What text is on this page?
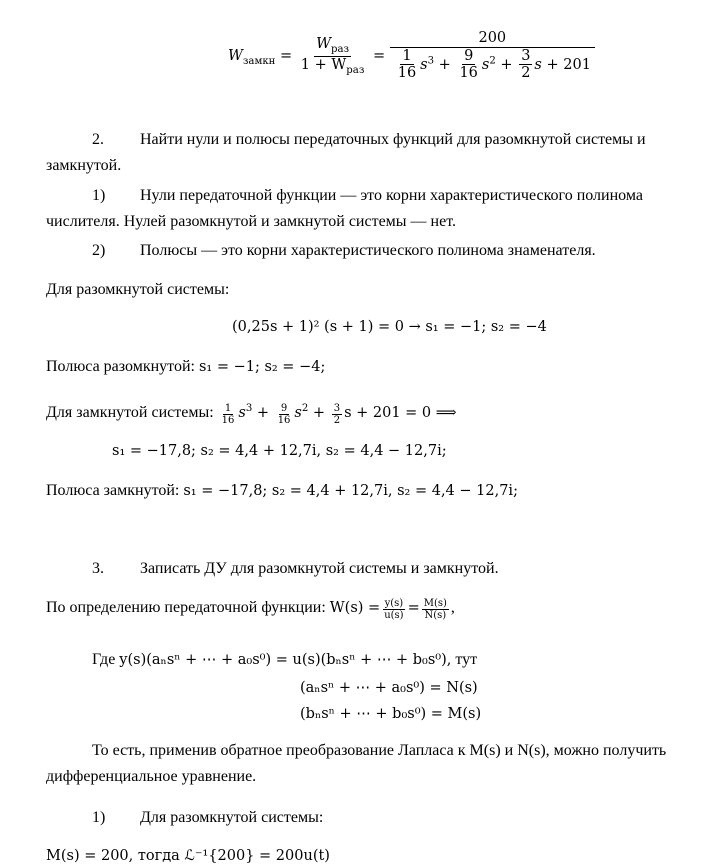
$W_{замкн}$ =
$W_{раз}$
$1 + W_{раз}$
= $\frac{200}{\frac{1}{16} s^3 + \frac{9}{16} s^2 + \frac{3}{2} s + 201}$
2. Найти нули и полюсы передаточных функций для разомкнутой системы и
замкнутой.
1) Нули передаточной функции — это корни характеристического полинома
числителя. Нулей разомкнутой и замкнутой системы — нет.
2) Полюсы — это корни характеристического полинома знаменателя.
Для разомкнутой системы:
(0,25s + 1)² (s + 1) = 0 → s₁ = −1; s₂ = −4
Полюса разомкнутой: s₁ = −1; s₂ = −4;
Для замкнутой системы: $\frac{1}{16} s^3 + \frac{9}{16} s^2 + \frac{3}{2}$ s + 201 = 0 ⟹
s₁ = −17,8; s₂ = 4,4 + 12,7i, s₂ = 4,4 − 12,7i;
Полюса замкнутой: s₁ = −17,8; s₂ = 4,4 + 12,7i, s₂ = 4,4 − 12,7i;
3. Записать ДУ для разомкнутой системы и замкнутой.
По определению передаточной функции: $W(s) = \frac{y(s)}{u(s)} = \frac{M(s)}{N(s)}$ ,
Где y(s)(aₙsⁿ + ⋯ + a₀s⁰) = u(s)(bₙsⁿ + ⋯ + b₀s⁰), тут
(aₙsⁿ + ⋯ + a₀s⁰) = N(s)
(bₙsⁿ + ⋯ + b₀s⁰) = M(s)
То есть, применив обратное преобразование Лапласа к M(s) и N(s), можно получить
дифференциальное уравнение.
1) Для разомкнутой системы:
M(s) = 200, тогда ℒ⁻¹{200} = 200u(t)
